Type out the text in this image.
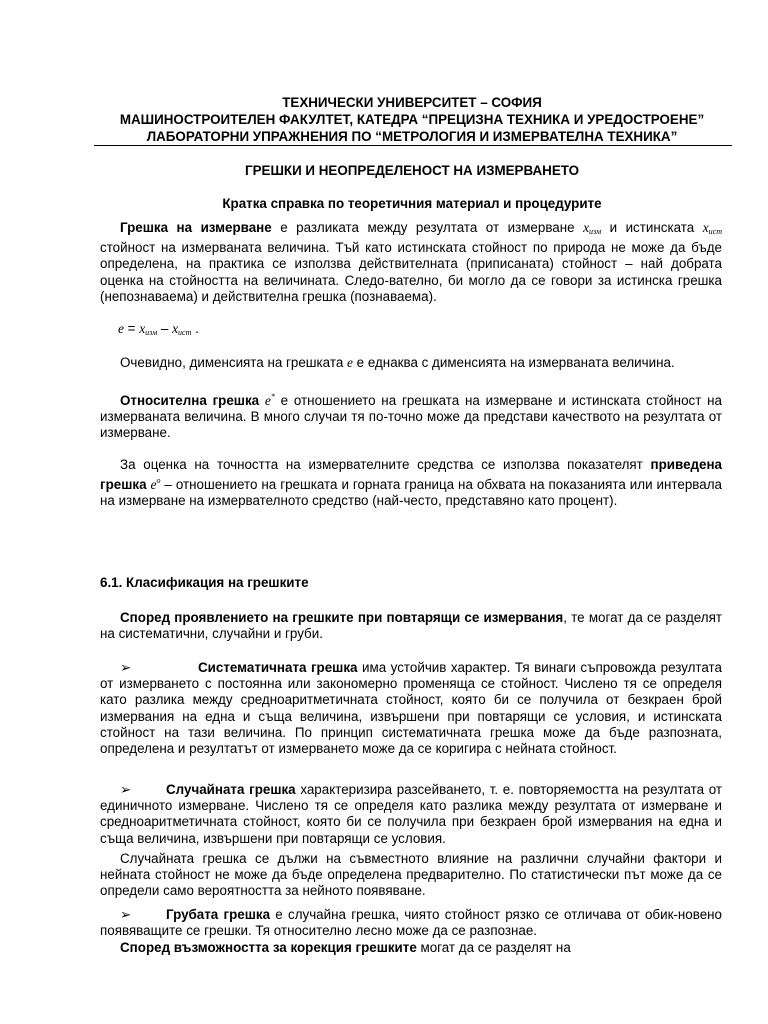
ТЕХНИЧЕСКИ УНИВЕРСИТЕТ – СОФИЯ
МАШИНОСТРОИТЕЛЕН ФАКУЛТЕТ, КАТЕДРА “ПРЕЦИЗНА ТЕХНИКА И УРЕДОСТРОЕНЕ”
ЛАБОРАТОРНИ УПРАЖНЕНИЯ ПО “МЕТРОЛОГИЯ И ИЗМЕРВАТЕЛНА ТЕХНИКА”
ГРЕШКИ И НЕОПРЕДЕЛЕНОСТ НА ИЗМЕРВАНЕТО
Кратка справка по теоретичния материал и процедурите
Грешка на измерване е разликата между резултата от измерване $x_{изм}$ и истинската $x_{ист}$ стойност на измерваната величина. Тъй като истинската стойност по природа не може да бъде определена, на практика се използва действителната (приписаната) стойност – най добрата оценка на стойността на величината. Следо-вателно, би могло да се говори за истинска грешка (непознаваема) и действителна грешка (познаваема).
$e = x_{изм} - x_{ист}$ .
Очевидно, дименсията на грешката e е еднаква с дименсията на измерваната величина.
Относителна грешка e* е отношението на грешката на измерване и истинската стойност на измерваната величина. В много случаи тя по-точно може да представи качеството на резултата от измерване.
За оценка на точността на измервателните средства се използва показателят приведена грешка $e^o$ – отношението на грешката и горната граница на обхвата на показанията или интервала на измерване на измервателното средство (най-често, представяно като процент).
6.1. Класификация на грешките
Според проявлението на грешките при повтарящи се измервания, те могат да се разделят на систематични, случайни и груби.
➢	Систематичната грешка има устойчив характер. Тя винаги съпровожда резултата от измерването с постоянна или закономерно променяща се стойност. Числено тя се определя като разлика между средноаритметичната стойност, която би се получила от безкраен брой измервания на една и съща величина, извършени при повтарящи се условия, и истинската стойност на тази величина. По принцип систематичната грешка може да бъде разпозната, определена и резултатът от измерването може да се коригира с нейната стойност.
➢	Случайната грешка характеризира разсейването, т. е. повторяемостта на резултата от единичното измерване. Числено тя се определя като разлика между резултата от измерване и средноаритметичната стойност, която би се получила при безкраен брой измервания на една и съща величина, извършени при повтарящи се условия.
Случайната грешка се дължи на съвместното влияние на различни случайни фактори и нейната стойност не може да бъде определена предварително. По статистически път може да се определи само вероятността за нейното появяване.
➢	Грубата грешка е случайна грешка, чиято стойност рязко се отличава от обик-новено появяващите се грешки. Тя относително лесно може да се разпознае.
Според възможността за корекция грешките могат да се разделят на
